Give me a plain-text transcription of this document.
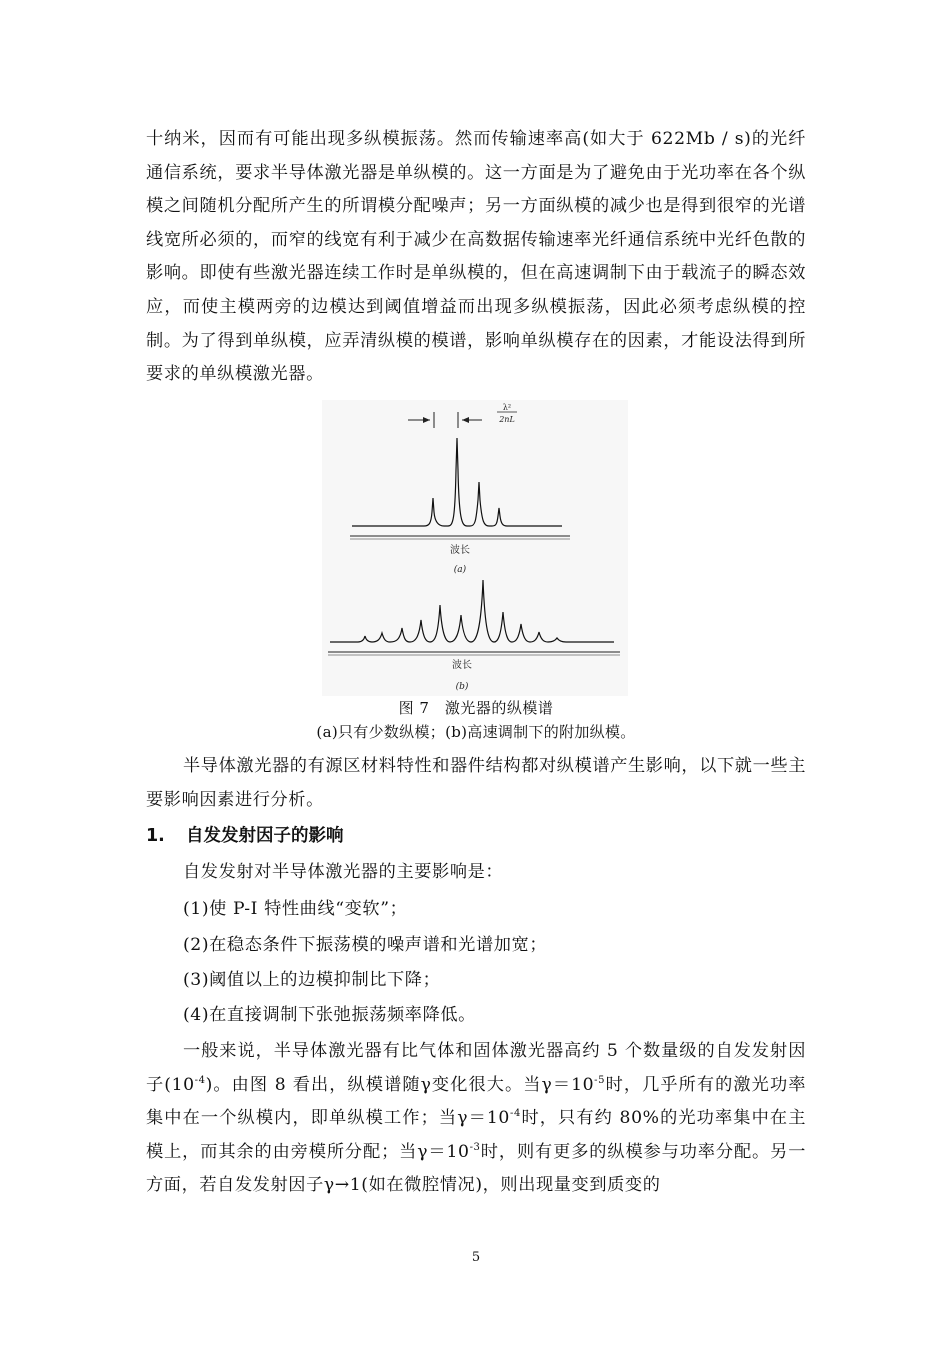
十纳米，因而有可能出现多纵模振荡。然而传输速率高(如大于 622Mb / s)的光纤通信系统，要求半导体激光器是单纵模的。这一方面是为了避免由于光功率在各个纵模之间随机分配所产生的所谓模分配噪声；另一方面纵模的减少也是得到很窄的光谱线宽所必须的，而窄的线宽有利于减少在高数据传输速率光纤通信系统中光纤色散的影响。即使有些激光器连续工作时是单纵模的，但在高速调制下由于载流子的瞬态效应，而使主模两旁的边模达到阈值增益而出现多纵模振荡，因此必须考虑纵模的控制。为了得到单纵模，应弄清纵模的模谱，影响单纵模存在的因素，才能设法得到所要求的单纵模激光器。

λ²
2nL
波长
(a)
波长
(b)
图 7　激光器的纵模谱
(a)只有少数纵模；(b)高速调制下的附加纵模。

半导体激光器的有源区材料特性和器件结构都对纵模谱产生影响，以下就一些主要影响因素进行分析。

1. 自发发射因子的影响
自发发射对半导体激光器的主要影响是：
(1)使 P-I 特性曲线“变软”；
(2)在稳态条件下振荡模的噪声谱和光谱加宽；
(3)阈值以上的边模抑制比下降；
(4)在直接调制下张弛振荡频率降低。

一般来说，半导体激光器有比气体和固体激光器高约 5 个数量级的自发发射因子$(10^{-4})$。由图 8 看出，纵模谱随γ变化很大。当$\gamma=10^{-5}$时，几乎所有的激光功率集中在一个纵模内，即单纵模工作；当$\gamma=10^{-4}$时，只有约 80%的光功率集中在主模上，而其余的由旁模所分配；当$\gamma=10^{-3}$时，则有更多的纵模参与功率分配。另一方面，若自发发射因子γ→1(如在微腔情况)，则出现量变到质变的

5
